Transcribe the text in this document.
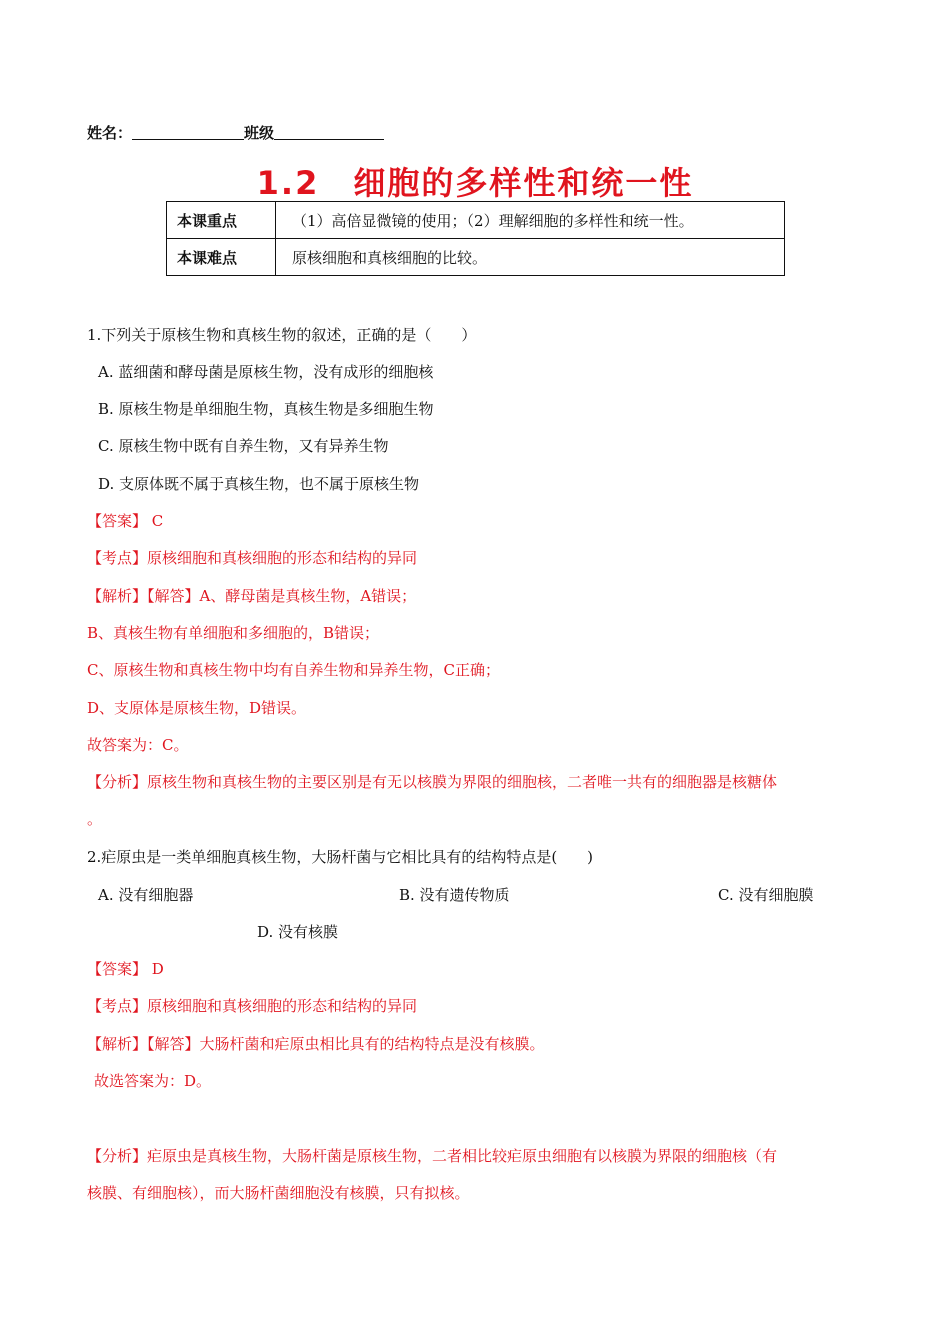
姓名：	班级
1.2　细胞的多样性和统一性
本课重点	（1）高倍显微镜的使用；（2）理解细胞的多样性和统一性。
本课难点	原核细胞和真核细胞的比较。
1.下列关于原核生物和真核生物的叙述，正确的是（　　）
A. 蓝细菌和酵母菌是原核生物，没有成形的细胞核
B. 原核生物是单细胞生物，真核生物是多细胞生物
C. 原核生物中既有自养生物，又有异养生物
D. 支原体既不属于真核生物，也不属于原核生物
【答案】 C
【考点】原核细胞和真核细胞的形态和结构的异同
【解析】【解答】A、酵母菌是真核生物，A错误；
B、真核生物有单细胞和多细胞的，B错误；
C、原核生物和真核生物中均有自养生物和异养生物，C正确；
D、支原体是原核生物，D错误。
故答案为：C。
【分析】原核生物和真核生物的主要区别是有无以核膜为界限的细胞核，二者唯一共有的细胞器是核糖体
。
2.疟原虫是一类单细胞真核生物，大肠杆菌与它相比具有的结构特点是(　　)
A. 没有细胞器	B. 没有遗传物质	C. 没有细胞膜
D. 没有核膜
【答案】 D
【考点】原核细胞和真核细胞的形态和结构的异同
【解析】【解答】大肠杆菌和疟原虫相比具有的结构特点是没有核膜。
故选答案为：D。
【分析】疟原虫是真核生物，大肠杆菌是原核生物，二者相比较疟原虫细胞有以核膜为界限的细胞核（有
核膜、有细胞核），而大肠杆菌细胞没有核膜，只有拟核。
